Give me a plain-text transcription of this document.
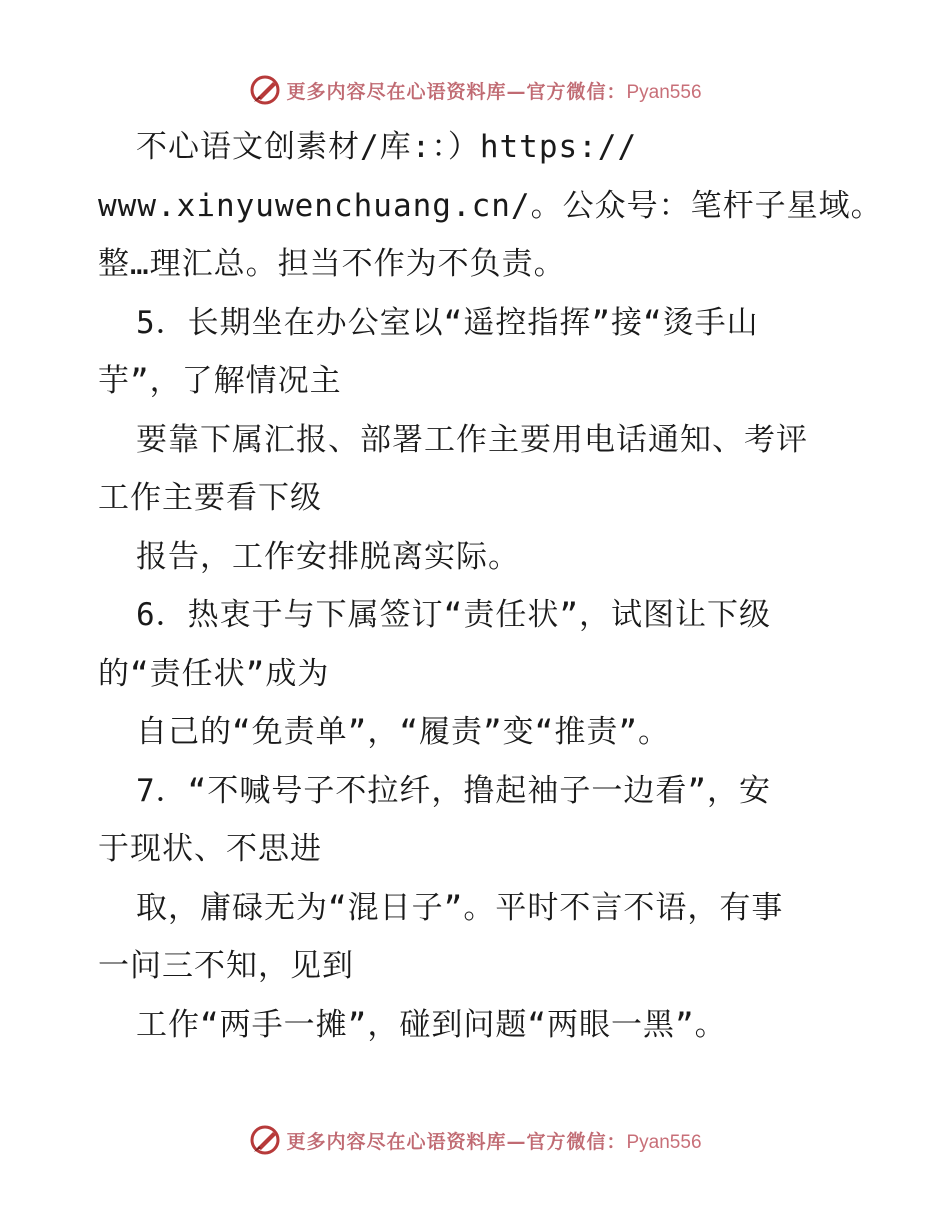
更多内容尽在心语资料库—官方微信：Pyan556
不心语文创素材/库:：）https://
www.xinyuwenchuang.cn/。公众号：笔杆子星域。
整…理汇总。担当不作为不负责。
5．长期坐在办公室以“遥控指挥”接“烫手山
芋”，了解情况主
要靠下属汇报、部署工作主要用电话通知、考评
工作主要看下级
报告，工作安排脱离实际。
6．热衷于与下属签订“责任状”，试图让下级
的“责任状”成为
自己的“免责单”，“履责”变“推责”。
7．“不喊号子不拉纤，撸起袖子一边看”，安
于现状、不思进
取，庸碌无为“混日子”。平时不言不语，有事
一问三不知，见到
工作“两手一摊”，碰到问题“两眼一黑”。
更多内容尽在心语资料库—官方微信：Pyan556
